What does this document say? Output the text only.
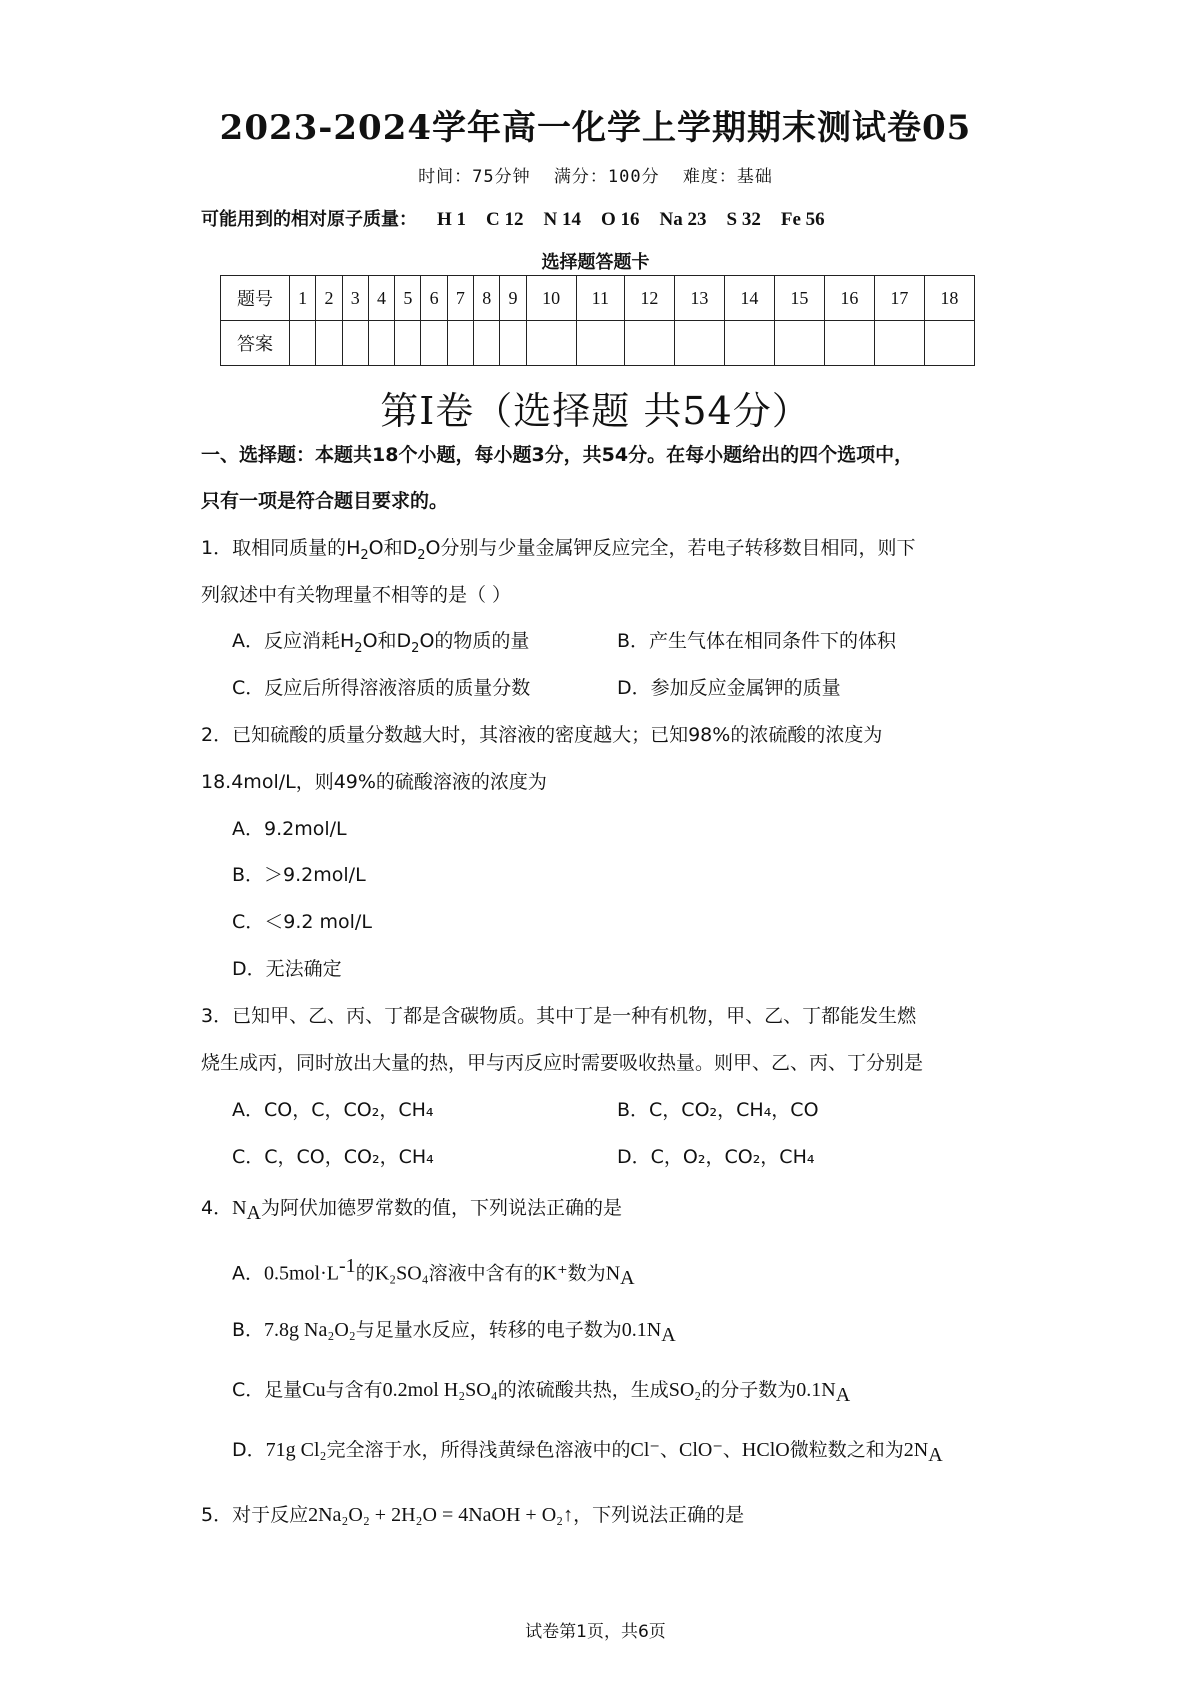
2023-2024学年高一化学上学期期末测试卷05
时间：75分钟 满分：100分 难度：基础
可能用到的相对原子质量： H 1 C 12 N 14 O 16 Na 23 S 32 Fe 56
选择题答题卡
题号	1	2	3	4	5	6	7	8	9	10	11	12	13	14	15	16	17	18
答案																		
第I卷（选择题 共54分）
一、选择题：本题共18个小题，每小题3分，共54分。在每小题给出的四个选项中，
只有一项是符合题目要求的。
1．取相同质量的$H_2O$和$D_2O$分别与少量金属钾反应完全，若电子转移数目相同，则下
列叙述中有关物理量不相等的是（ ）
A．反应消耗$H_2O$和$D_2O$的物质的量	B．产生气体在相同条件下的体积
C．反应后所得溶液溶质的质量分数	D．参加反应金属钾的质量
2．已知硫酸的质量分数越大时，其溶液的密度越大；已知98%的浓硫酸的浓度为
18.4mol/L，则49%的硫酸溶液的浓度为
A．9.2mol/L
B．＞9.2mol/L
C．＜9.2 mol/L
D．无法确定
3．已知甲、乙、丙、丁都是含碳物质。其中丁是一种有机物，甲、乙、丁都能发生燃
烧生成丙，同时放出大量的热，甲与丙反应时需要吸收热量。则甲、乙、丙、丁分别是
A．CO，C，CO₂，CH₄	B．C，CO₂，CH₄，CO
C．C，CO，CO₂，CH₄	D．C，O₂，CO₂，CH₄
4．$N_A$为阿伏加德罗常数的值，下列说法正确的是
A．$0.5mol\cdot L^{-1}$的K₂SO₄溶液中含有的K⁺数为$N_A$
B．7.8g Na₂O₂与足量水反应，转移的电子数为$0.1N_A$
C．足量Cu与含有0.2mol H₂SO₄的浓硫酸共热，生成SO₂的分子数为$0.1N_A$
D．71g Cl₂完全溶于水，所得浅黄绿色溶液中的Cl⁻、ClO⁻、HClO微粒数之和为$2N_A$
5．对于反应2Na₂O₂ + 2H₂O = 4NaOH + O₂↑，下列说法正确的是
试卷第1页，共6页
